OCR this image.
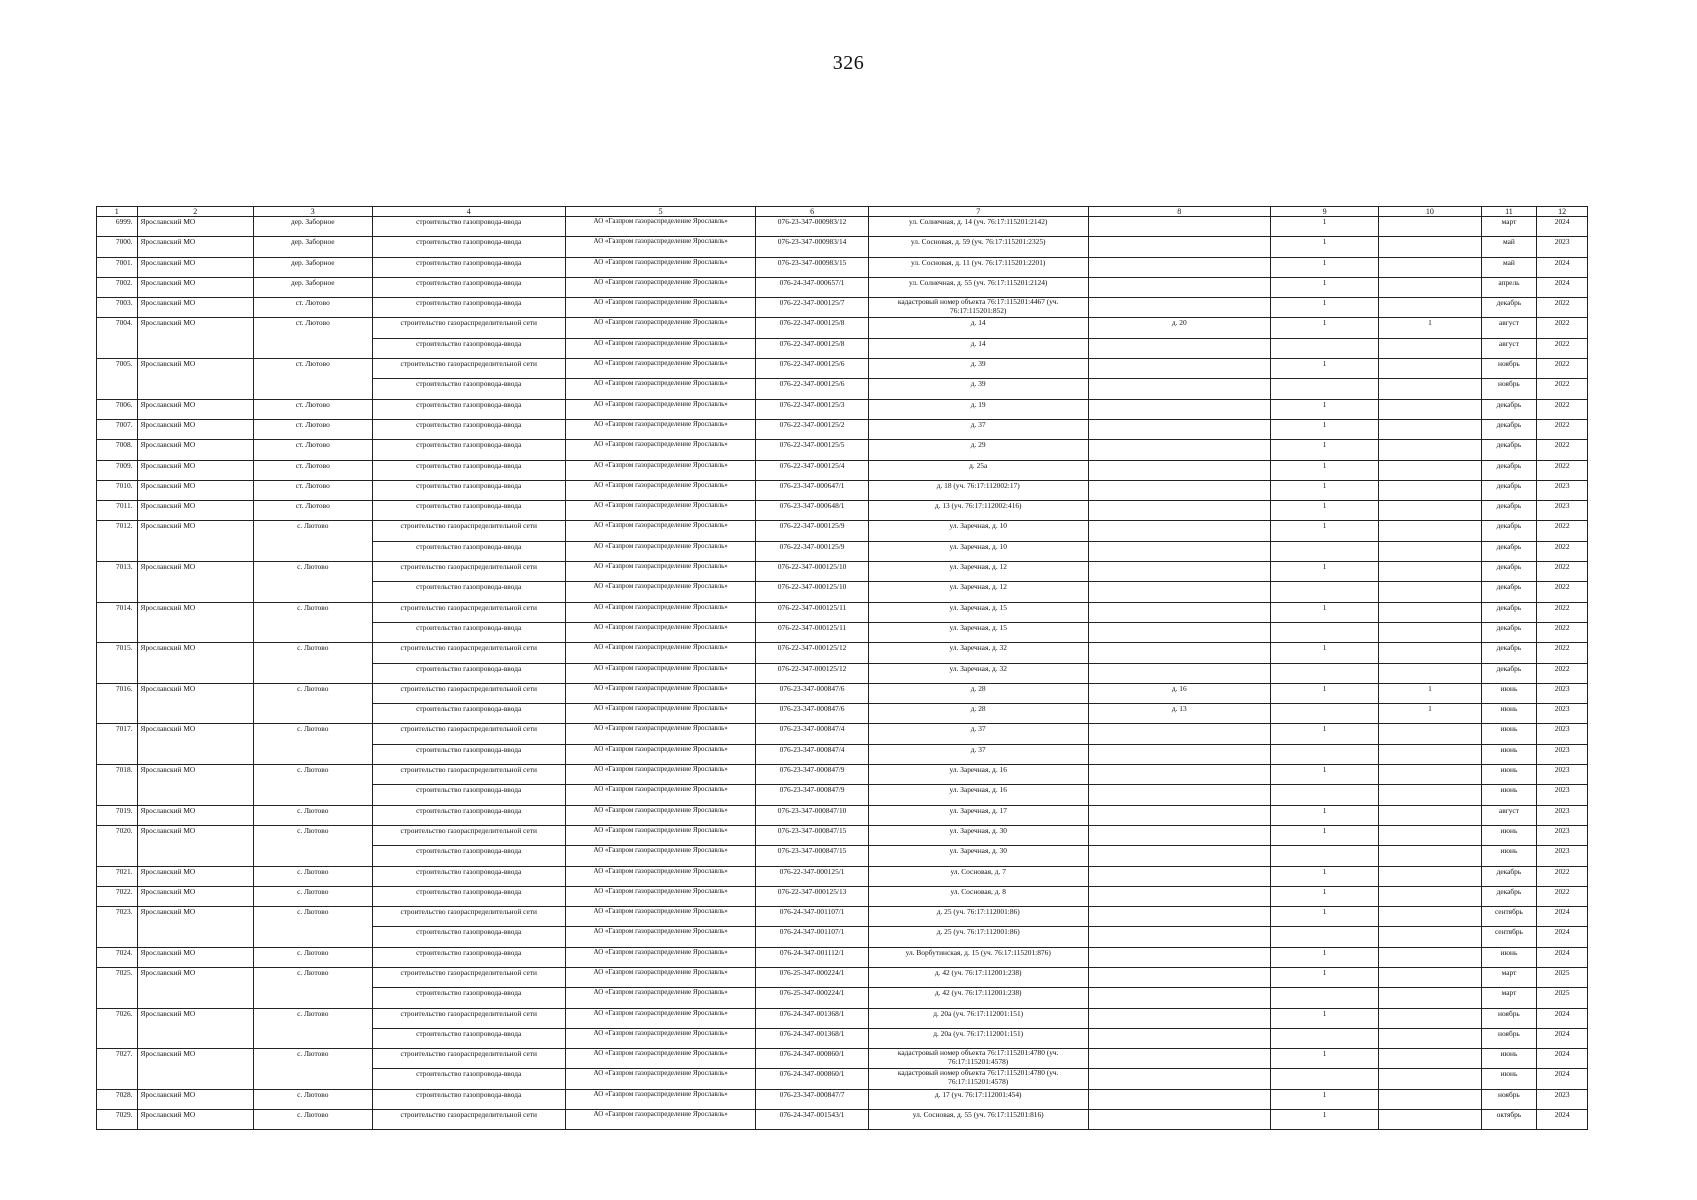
326
1	2	3	4	5	6	7	8	9	10	11	12
6999.	Ярославский МО	дер. Заборное	строительство газопровода-ввода	АО «Газпром газораспределение Ярославль»	076-23-347-000983/12	ул. Солнечная, д. 14 (уч. 76:17:115201:2142)		1		март	2024
7000.	Ярославский МО	дер. Заборное	строительство газопровода-ввода	АО «Газпром газораспределение Ярославль»	076-23-347-000983/14	ул. Сосновая, д. 59 (уч. 76:17:115201:2325)		1		май	2023
7001.	Ярославский МО	дер. Заборное	строительство газопровода-ввода	АО «Газпром газораспределение Ярославль»	076-23-347-000983/15	ул. Сосновая, д. 11 (уч. 76:17:115201:2201)		1		май	2024
7002.	Ярославский МО	дер. Заборное	строительство газопровода-ввода	АО «Газпром газораспределение Ярославль»	076-24-347-000657/1	ул. Солнечная, д. 55 (уч. 76:17:115201:2124)		1		апрель	2024
7003.	Ярославский МО	ст. Лютово	строительство газопровода-ввода	АО «Газпром газораспределение Ярославль»	076-22-347-000125/7	кадастровый номер объекта 76:17:115201:4467 (уч. 76:17:115201:852)		1		декабрь	2022
7004.	Ярославский МО	ст. Лютово	строительство газораспределительной сети	АО «Газпром газораспределение Ярославль»	076-22-347-000125/8	д. 14	д. 20	1	1	август	2022
			строительство газопровода-ввода	АО «Газпром газораспределение Ярославль»	076-22-347-000125/8	д. 14				август	2022
7005.	Ярославский МО	ст. Лютово	строительство газораспределительной сети	АО «Газпром газораспределение Ярославль»	076-22-347-000125/6	д. 39		1		ноябрь	2022
			строительство газопровода-ввода	АО «Газпром газораспределение Ярославль»	076-22-347-000125/6	д. 39				ноябрь	2022
7006.	Ярославский МО	ст. Лютово	строительство газопровода-ввода	АО «Газпром газораспределение Ярославль»	076-22-347-000125/3	д. 19		1		декабрь	2022
7007.	Ярославский МО	ст. Лютово	строительство газопровода-ввода	АО «Газпром газораспределение Ярославль»	076-22-347-000125/2	д. 37		1		декабрь	2022
7008.	Ярославский МО	ст. Лютово	строительство газопровода-ввода	АО «Газпром газораспределение Ярославль»	076-22-347-000125/5	д. 29		1		декабрь	2022
7009.	Ярославский МО	ст. Лютово	строительство газопровода-ввода	АО «Газпром газораспределение Ярославль»	076-22-347-000125/4	д. 25а		1		декабрь	2022
7010.	Ярославский МО	ст. Лютово	строительство газопровода-ввода	АО «Газпром газораспределение Ярославль»	076-23-347-000647/1	д. 18 (уч. 76:17:112002:17)		1		декабрь	2023
7011.	Ярославский МО	ст. Лютово	строительство газопровода-ввода	АО «Газпром газораспределение Ярославль»	076-23-347-000648/1	д. 13 (уч. 76:17:112002:416)		1		декабрь	2023
7012.	Ярославский МО	с. Лютово	строительство газораспределительной сети	АО «Газпром газораспределение Ярославль»	076-22-347-000125/9	ул. Заречная, д. 10		1		декабрь	2022
			строительство газопровода-ввода	АО «Газпром газораспределение Ярославль»	076-22-347-000125/9	ул. Заречная, д. 10				декабрь	2022
7013.	Ярославский МО	с. Лютово	строительство газораспределительной сети	АО «Газпром газораспределение Ярославль»	076-22-347-000125/10	ул. Заречная, д. 12		1		декабрь	2022
			строительство газопровода-ввода	АО «Газпром газораспределение Ярославль»	076-22-347-000125/10	ул. Заречная, д. 12				декабрь	2022
7014.	Ярославский МО	с. Лютово	строительство газораспределительной сети	АО «Газпром газораспределение Ярославль»	076-22-347-000125/11	ул. Заречная, д. 15		1		декабрь	2022
			строительство газопровода-ввода	АО «Газпром газораспределение Ярославль»	076-22-347-000125/11	ул. Заречная, д. 15				декабрь	2022
7015.	Ярославский МО	с. Лютово	строительство газораспределительной сети	АО «Газпром газораспределение Ярославль»	076-22-347-000125/12	ул. Заречная, д. 32		1		декабрь	2022
			строительство газопровода-ввода	АО «Газпром газораспределение Ярославль»	076-22-347-000125/12	ул. Заречная, д. 32				декабрь	2022
7016.	Ярославский МО	с. Лютово	строительство газораспределительной сети	АО «Газпром газораспределение Ярославль»	076-23-347-000847/6	д. 28	д. 16	1	1	июнь	2023
			строительство газопровода-ввода	АО «Газпром газораспределение Ярославль»	076-23-347-000847/6	д. 28	д. 13		1	июнь	2023
7017.	Ярославский МО	с. Лютово	строительство газораспределительной сети	АО «Газпром газораспределение Ярославль»	076-23-347-000847/4	д. 37		1		июнь	2023
			строительство газопровода-ввода	АО «Газпром газораспределение Ярославль»	076-23-347-000847/4	д. 37				июнь	2023
7018.	Ярославский МО	с. Лютово	строительство газораспределительной сети	АО «Газпром газораспределение Ярославль»	076-23-347-000847/9	ул. Заречная, д. 16		1		июнь	2023
			строительство газопровода-ввода	АО «Газпром газораспределение Ярославль»	076-23-347-000847/9	ул. Заречная, д. 16				июнь	2023
7019.	Ярославский МО	с. Лютово	строительство газопровода-ввода	АО «Газпром газораспределение Ярославль»	076-23-347-000847/10	ул. Заречная, д. 17		1		август	2023
7020.	Ярославский МО	с. Лютово	строительство газораспределительной сети	АО «Газпром газораспределение Ярославль»	076-23-347-000847/15	ул. Заречная, д. 30		1		июнь	2023
			строительство газопровода-ввода	АО «Газпром газораспределение Ярославль»	076-23-347-000847/15	ул. Заречная, д. 30				июнь	2023
7021.	Ярославский МО	с. Лютово	строительство газопровода-ввода	АО «Газпром газораспределение Ярославль»	076-22-347-000125/1	ул. Сосновая, д. 7		1		декабрь	2022
7022.	Ярославский МО	с. Лютово	строительство газопровода-ввода	АО «Газпром газораспределение Ярославль»	076-22-347-000125/13	ул. Сосновая, д. 8		1		декабрь	2022
7023.	Ярославский МО	с. Лютово	строительство газораспределительной сети	АО «Газпром газораспределение Ярославль»	076-24-347-001107/1	д. 25 (уч. 76:17:112001:86)		1		сентябрь	2024
			строительство газопровода-ввода	АО «Газпром газораспределение Ярославль»	076-24-347-001107/1	д. 25 (уч. 76:17:112001:86)				сентябрь	2024
7024.	Ярославский МО	с. Лютово	строительство газопровода-ввода	АО «Газпром газораспределение Ярославль»	076-24-347-001112/1	ул. Ворбутинская, д. 15 (уч. 76:17:115201:876)		1		июнь	2024
7025.	Ярославский МО	с. Лютово	строительство газораспределительной сети	АО «Газпром газораспределение Ярославль»	076-25-347-000224/1	д. 42 (уч. 76:17:112001:238)		1		март	2025
			строительство газопровода-ввода	АО «Газпром газораспределение Ярославль»	076-25-347-000224/1	д. 42 (уч. 76:17:112001:238)				март	2025
7026.	Ярославский МО	с. Лютово	строительство газораспределительной сети	АО «Газпром газораспределение Ярославль»	076-24-347-001368/1	д. 20а (уч. 76:17:112001:151)		1		ноябрь	2024
			строительство газопровода-ввода	АО «Газпром газораспределение Ярославль»	076-24-347-001368/1	д. 20а (уч. 76:17:112001:151)				ноябрь	2024
7027.	Ярославский МО	с. Лютово	строительство газораспределительной сети	АО «Газпром газораспределение Ярославль»	076-24-347-000860/1	кадастровый номер объекта 76:17:115201:4780 (уч. 76:17:115201:4578)		1		июнь	2024
			строительство газопровода-ввода	АО «Газпром газораспределение Ярославль»	076-24-347-000860/1	кадастровый номер объекта 76:17:115201:4780 (уч. 76:17:115201:4578)				июнь	2024
7028.	Ярославский МО	с. Лютово	строительство газопровода-ввода	АО «Газпром газораспределение Ярославль»	076-23-347-000847/7	д. 17 (уч. 76:17:112001:454)		1		ноябрь	2023
7029.	Ярославский МО	с. Лютово	строительство газораспределительной сети	АО «Газпром газораспределение Ярославль»	076-24-347-001543/1	ул. Сосновая, д. 55 (уч. 76:17:115201:816)		1		октябрь	2024
